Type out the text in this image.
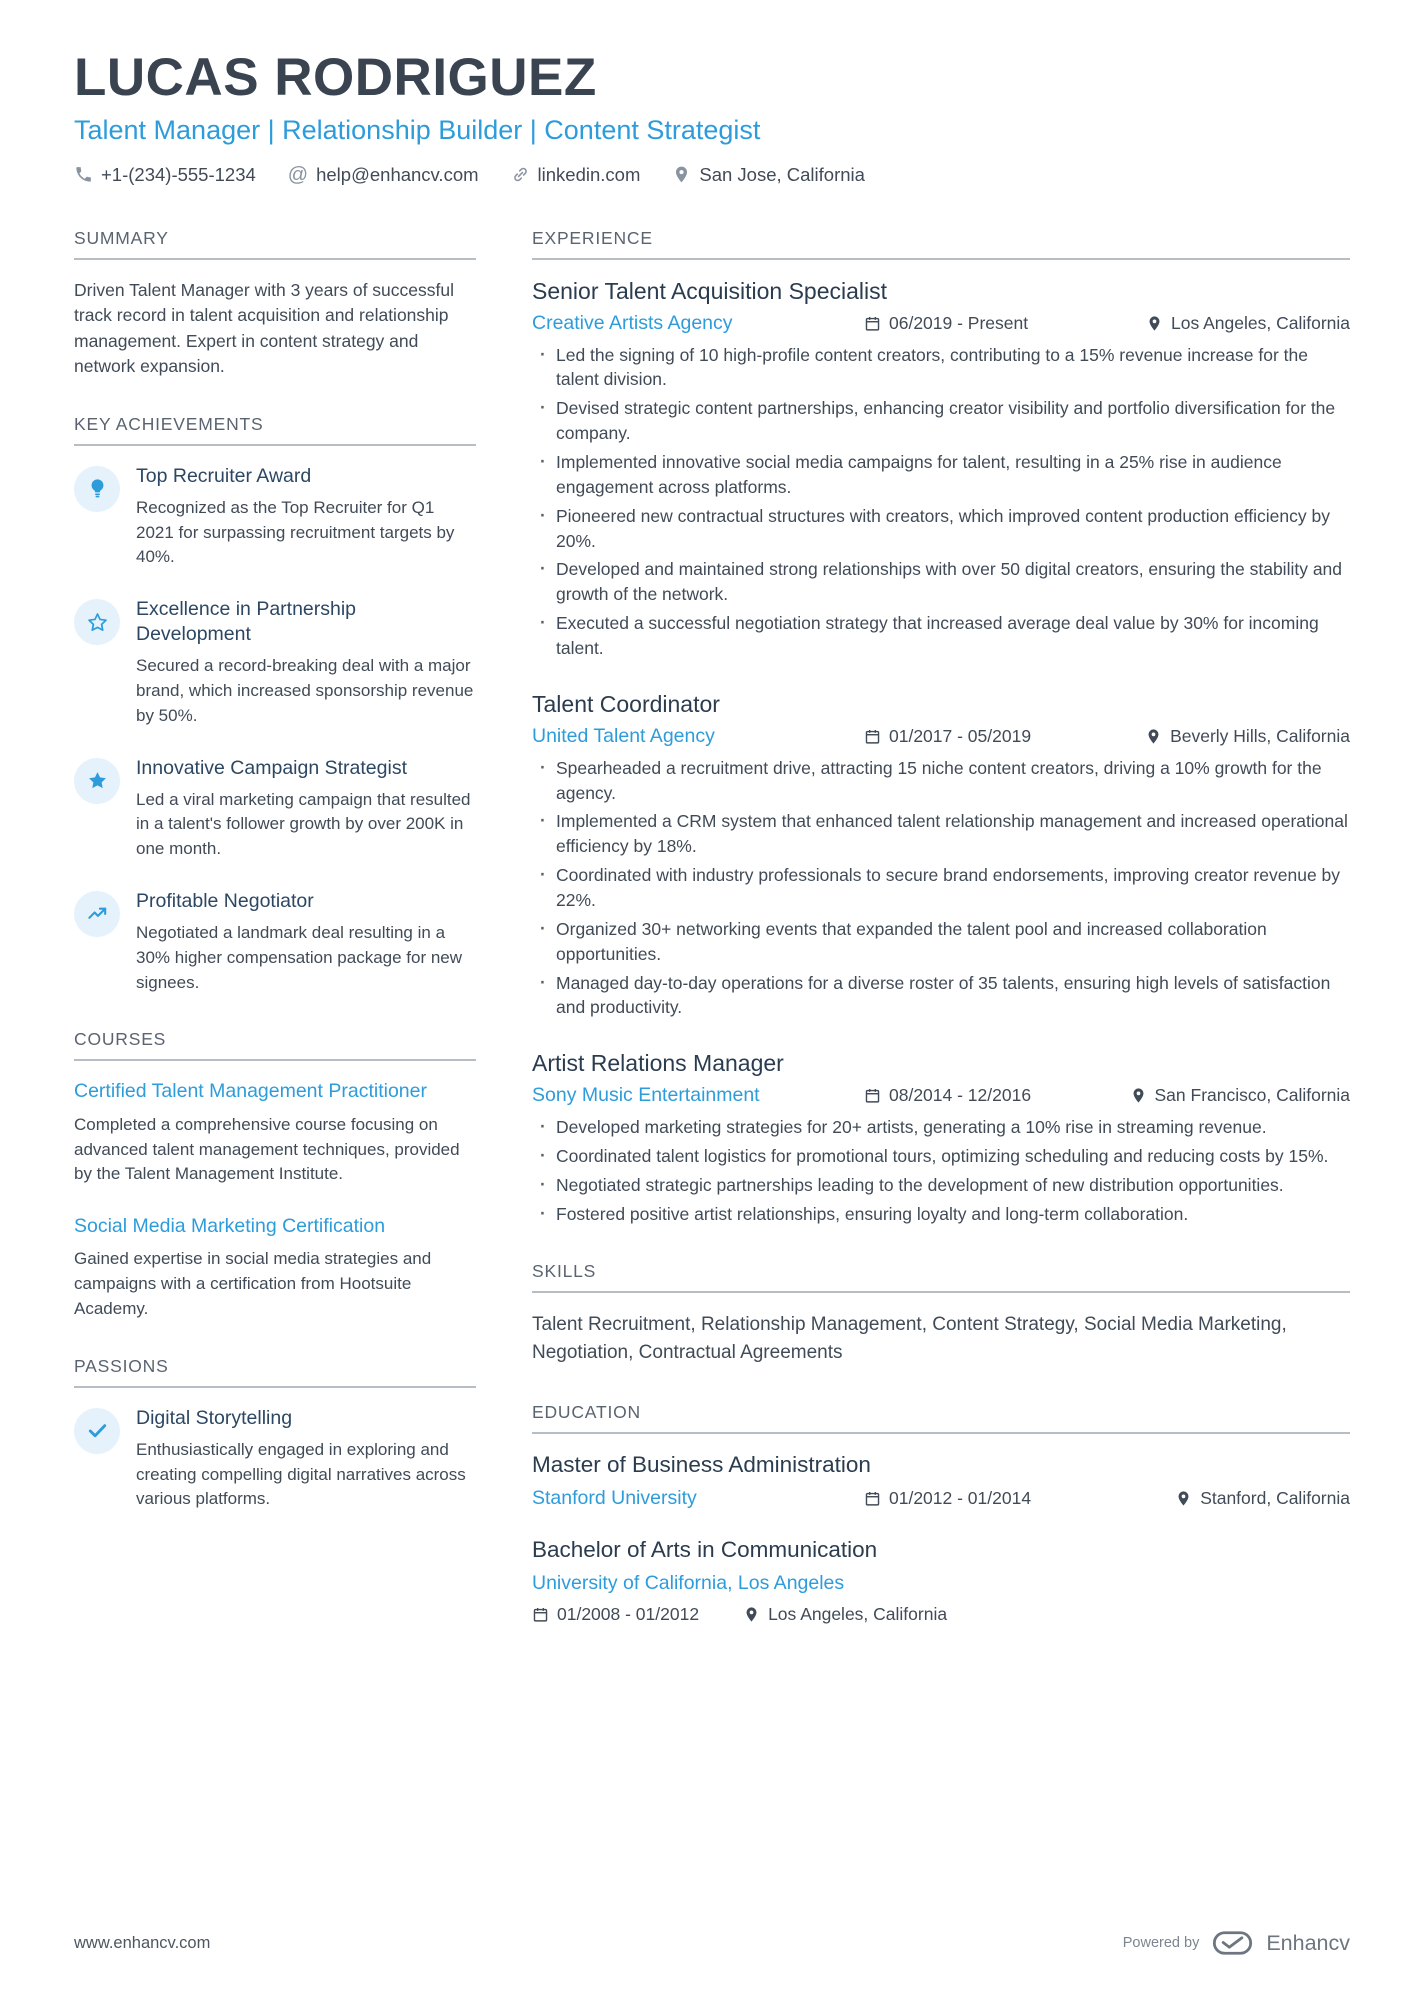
LUCAS RODRIGUEZ
Talent Manager | Relationship Builder | Content Strategist
+1-(234)-555-1234 @ help@enhancv.com	linkedin.com	San Jose, California
SUMMARY

Driven Talent Manager with 3 years of successful track record in talent acquisition and relationship management. Expert in content strategy and network expansion.

KEY ACHIEVEMENTS
Top Recruiter Award
Recognized as the Top Recruiter for Q1 2021 for surpassing recruitment targets by 40%.
Excellence in Partnership Development
Secured a record-breaking deal with a major brand, which increased sponsorship revenue by 50%.
Innovative Campaign Strategist
Led a viral marketing campaign that resulted in a talent's follower growth by over 200K in one month.
Profitable Negotiator
Negotiated a landmark deal resulting in a 30% higher compensation package for new signees.
COURSES
Certified Talent Management Practitioner
Completed a comprehensive course focusing on advanced talent management techniques, provided by the Talent Management Institute.
Social Media Marketing Certification
Gained expertise in social media strategies and campaigns with a certification from Hootsuite Academy.
PASSIONS
Digital Storytelling
Enthusiastically engaged in exploring and creating compelling digital narratives across various platforms.
EXPERIENCE
Senior Talent Acquisition Specialist
Creative Artists Agency	06/2019 - Present	Los Angeles, California
· Led the signing of 10 high-profile content creators, contributing to a 15% revenue increase for the talent division.
· Devised strategic content partnerships, enhancing creator visibility and portfolio diversification for the company.
· Implemented innovative social media campaigns for talent, resulting in a 25% rise in audience engagement across platforms.
· Pioneered new contractual structures with creators, which improved content production efficiency by 20%.
· Developed and maintained strong relationships with over 50 digital creators, ensuring the stability and growth of the network.
· Executed a successful negotiation strategy that increased average deal value by 30% for incoming talent.
Talent Coordinator
United Talent Agency	01/2017 - 05/2019	Beverly Hills, California
· Spearheaded a recruitment drive, attracting 15 niche content creators, driving a 10% growth for the agency.
· Implemented a CRM system that enhanced talent relationship management and increased operational efficiency by 18%.
· Coordinated with industry professionals to secure brand endorsements, improving creator revenue by 22%.
· Organized 30+ networking events that expanded the talent pool and increased collaboration opportunities.
· Managed day-to-day operations for a diverse roster of 35 talents, ensuring high levels of satisfaction and productivity.
Artist Relations Manager
Sony Music Entertainment	08/2014 - 12/2016	San Francisco, California
· Developed marketing strategies for 20+ artists, generating a 10% rise in streaming revenue.
· Coordinated talent logistics for promotional tours, optimizing scheduling and reducing costs by 15%.
· Negotiated strategic partnerships leading to the development of new distribution opportunities.
· Fostered positive artist relationships, ensuring loyalty and long-term collaboration.
SKILLS

Talent Recruitment, Relationship Management, Content Strategy, Social Media Marketing, Negotiation, Contractual Agreements

EDUCATION
Master of Business Administration
Stanford University	01/2012 - 01/2014	Stanford, California
Bachelor of Arts in Communication
University of California, Los Angeles
01/2008 - 01/2012	Los Angeles, California
www.enhancv.com	Powered by	Enhancv
